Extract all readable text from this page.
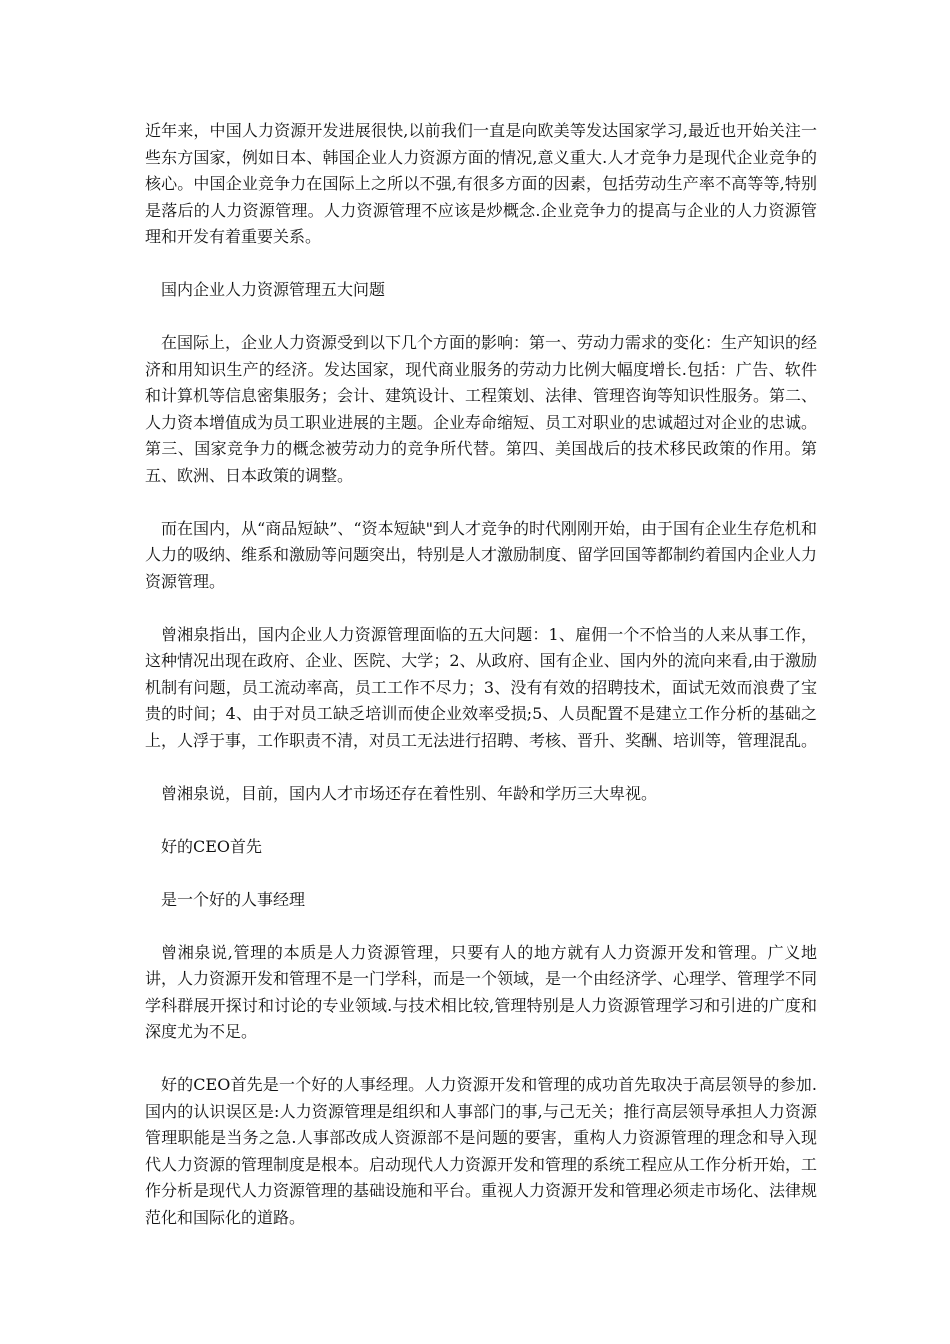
近年来，中国人力资源开发进展很快,以前我们一直是向欧美等发达国家学习,最近也开始关注一些东方国家，例如日本、韩国企业人力资源方面的情况,意义重大.人才竞争力是现代企业竞争的核心。中国企业竞争力在国际上之所以不强,有很多方面的因素，包括劳动生产率不高等等,特别是落后的人力资源管理。人力资源管理不应该是炒概念.企业竞争力的提高与企业的人力资源管理和开发有着重要关系。

国内企业人力资源管理五大问题

在国际上，企业人力资源受到以下几个方面的影响：第一、劳动力需求的变化：生产知识的经济和用知识生产的经济。发达国家，现代商业服务的劳动力比例大幅度增长.包括：广告、软件和计算机等信息密集服务；会计、建筑设计、工程策划、法律、管理咨询等知识性服务。第二、人力资本增值成为员工职业进展的主题。企业寿命缩短、员工对职业的忠诚超过对企业的忠诚。第三、国家竞争力的概念被劳动力的竞争所代替。第四、美国战后的技术移民政策的作用。第五、欧洲、日本政策的调整。

而在国内，从“商品短缺”、“资本短缺"到人才竞争的时代刚刚开始，由于国有企业生存危机和人力的吸纳、维系和激励等问题突出，特别是人才激励制度、留学回国等都制约着国内企业人力资源管理。

曾湘泉指出，国内企业人力资源管理面临的五大问题：1、雇佣一个不恰当的人来从事工作，这种情况出现在政府、企业、医院、大学；2、从政府、国有企业、国内外的流向来看,由于激励机制有问题，员工流动率高，员工工作不尽力；3、没有有效的招聘技术，面试无效而浪费了宝贵的时间；4、由于对员工缺乏培训而使企业效率受损;5、人员配置不是建立工作分析的基础之上，人浮于事，工作职责不清，对员工无法进行招聘、考核、晋升、奖酬、培训等，管理混乱。

曾湘泉说，目前，国内人才市场还存在着性别、年龄和学历三大卑视。

好的CEO首先

是一个好的人事经理

曾湘泉说,管理的本质是人力资源管理，只要有人的地方就有人力资源开发和管理。广义地讲，人力资源开发和管理不是一门学科，而是一个领域，是一个由经济学、心理学、管理学不同学科群展开探讨和讨论的专业领域.与技术相比较,管理特别是人力资源管理学习和引进的广度和深度尤为不足。

好的CEO首先是一个好的人事经理。人力资源开发和管理的成功首先取决于高层领导的参加.国内的认识误区是:人力资源管理是组织和人事部门的事,与己无关；推行高层领导承担人力资源管理职能是当务之急.人事部改成人资源部不是问题的要害，重构人力资源管理的理念和导入现代人力资源的管理制度是根本。启动现代人力资源开发和管理的系统工程应从工作分析开始，工作分析是现代人力资源管理的基础设施和平台。重视人力资源开发和管理必须走市场化、法律规范化和国际化的道路。
